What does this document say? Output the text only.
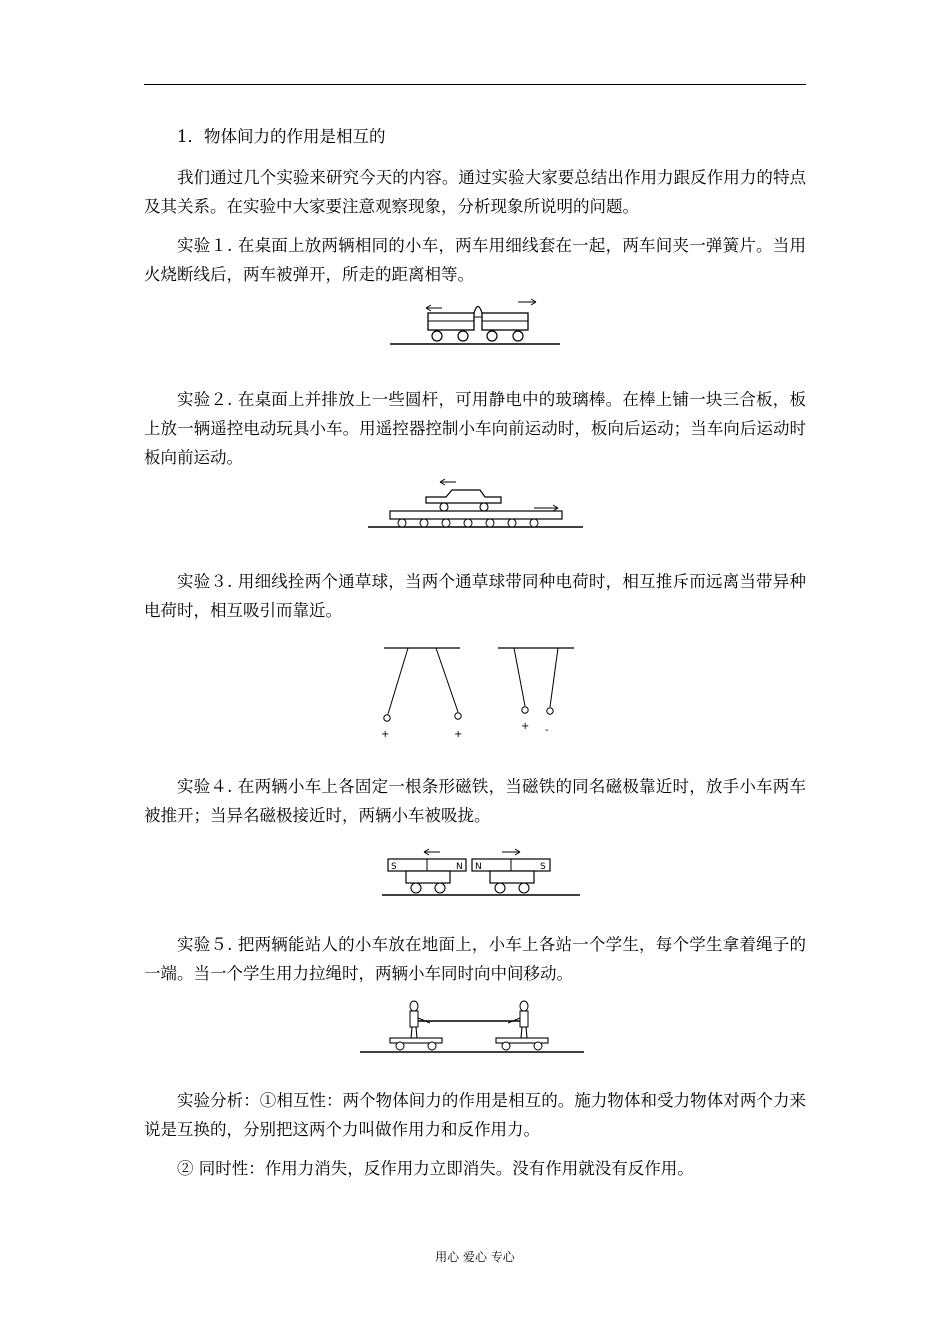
1．物体间力的作用是相互的

我们通过几个实验来研究今天的内容。通过实验大家要总结出作用力跟反作用力的特点及其关系。在实验中大家要注意观察现象，分析现象所说明的问题。

实验１. 在桌面上放两辆相同的小车，两车用细线套在一起，两车间夹一弹簧片。当用火烧断线后，两车被弹开，所走的距离相等。

实验２. 在桌面上并排放上一些圆杆，可用静电中的玻璃棒。在棒上铺一块三合板，板上放一辆遥控电动玩具小车。用遥控器控制小车向前运动时，板向后运动；当车向后运动时板向前运动。

实验３. 用细线拴两个通草球，当两个通草球带同种电荷时，相互推斥而远离当带异种电荷时，相互吸引而靠近。

+	+
+ -

实验４. 在两辆小车上各固定一根条形磁铁，当磁铁的同名磁极靠近时，放手小车两车被推开；当异名磁极接近时，两辆小车被吸拢。

S	N N	S

实验５. 把两辆能站人的小车放在地面上，小车上各站一个学生，每个学生拿着绳子的一端。当一个学生用力拉绳时，两辆小车同时向中间移动。

实验分析：①相互性：两个物体间力的作用是相互的。施力物体和受力物体对两个力来说是互换的，分别把这两个力叫做作用力和反作用力。

② 同时性：作用力消失，反作用力立即消失。没有作用就没有反作用。

用心 爱心 专心
